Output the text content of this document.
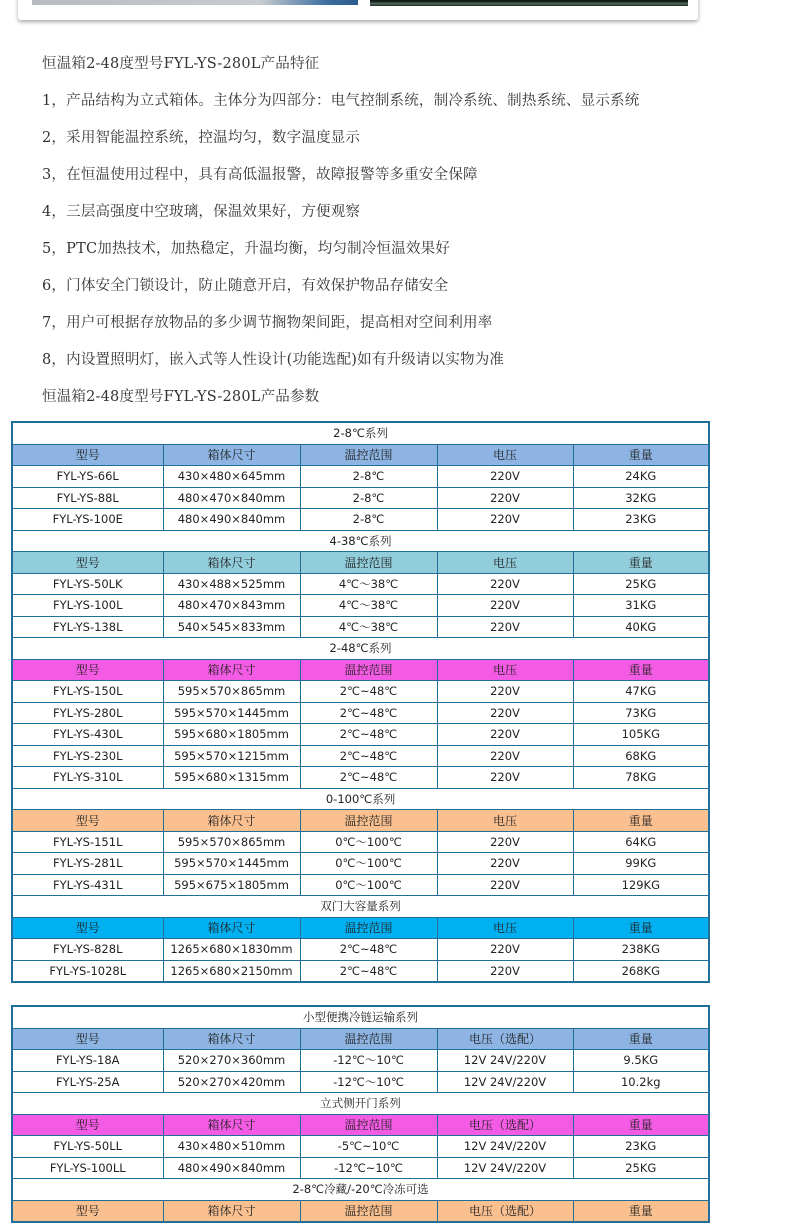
恒温箱2-48度型号FYL-YS-280L产品特征
1，产品结构为立式箱体。主体分为四部分：电气控制系统，制冷系统、制热系统、显示系统
2，采用智能温控系统，控温均匀，数字温度显示
3，在恒温使用过程中，具有高低温报警，故障报警等多重安全保障
4，三层高强度中空玻璃，保温效果好，方便观察
5，PTC加热技术，加热稳定，升温均衡，均匀制冷恒温效果好
6，门体安全门锁设计，防止随意开启，有效保护物品存储安全
7，用户可根据存放物品的多少调节搁物架间距，提高相对空间利用率
8，内设置照明灯，嵌入式等人性设计(功能选配)如有升级请以实物为准
恒温箱2-48度型号FYL-YS-280L产品参数
2-8℃系列				
型号	箱体尺寸	温控范围	电压	重量
FYL-YS-66L	430×480×645mm	2-8℃	220V	24KG
FYL-YS-88L	480×470×840mm	2-8℃	220V	32KG
FYL-YS-100E	480×490×840mm	2-8℃	220V	23KG
4-38℃系列				
型号	箱体尺寸	温控范围	电压	重量
FYL-YS-50LK	430×488×525mm	4℃～38℃	220V	25KG
FYL-YS-100L	480×470×843mm	4℃～38℃	220V	31KG
FYL-YS-138L	540×545×833mm	4℃～38℃	220V	40KG
2-48℃系列				
型号	箱体尺寸	温控范围	电压	重量
FYL-YS-150L	595×570×865mm	2℃~48℃	220V	47KG
FYL-YS-280L	595×570×1445mm	2℃~48℃	220V	73KG
FYL-YS-430L	595×680×1805mm	2℃~48℃	220V	105KG
FYL-YS-230L	595×570×1215mm	2℃~48℃	220V	68KG
FYL-YS-310L	595×680×1315mm	2℃~48℃	220V	78KG
0-100℃系列				
型号	箱体尺寸	温控范围	电压	重量
FYL-YS-151L	595×570×865mm	0℃～100℃	220V	64KG
FYL-YS-281L	595×570×1445mm	0℃～100℃	220V	99KG
FYL-YS-431L	595×675×1805mm	0℃～100℃	220V	129KG
双门大容量系列				
型号	箱体尺寸	温控范围	电压	重量
FYL-YS-828L	1265×680×1830mm	2℃~48℃	220V	238KG
FYL-YS-1028L	1265×680×2150mm	2℃~48℃	220V	268KG
小型便携冷链运输系列				
型号	箱体尺寸	温控范围	电压（选配）	重量
FYL-YS-18A	520×270×360mm	-12℃～10℃	12V 24V/220V	9.5KG
FYL-YS-25A	520×270×420mm	-12℃～10℃	12V 24V/220V	10.2kg
立式侧开门系列				
型号	箱体尺寸	温控范围	电压（选配）	重量
FYL-YS-50LL	430×480×510mm	-5℃~10℃	12V 24V/220V	23KG
FYL-YS-100LL	480×490×840mm	-12℃~10℃	12V 24V/220V	25KG
2-8℃冷藏/-20℃冷冻可选				
型号	箱体尺寸	温控范围	电压（选配）	重量
